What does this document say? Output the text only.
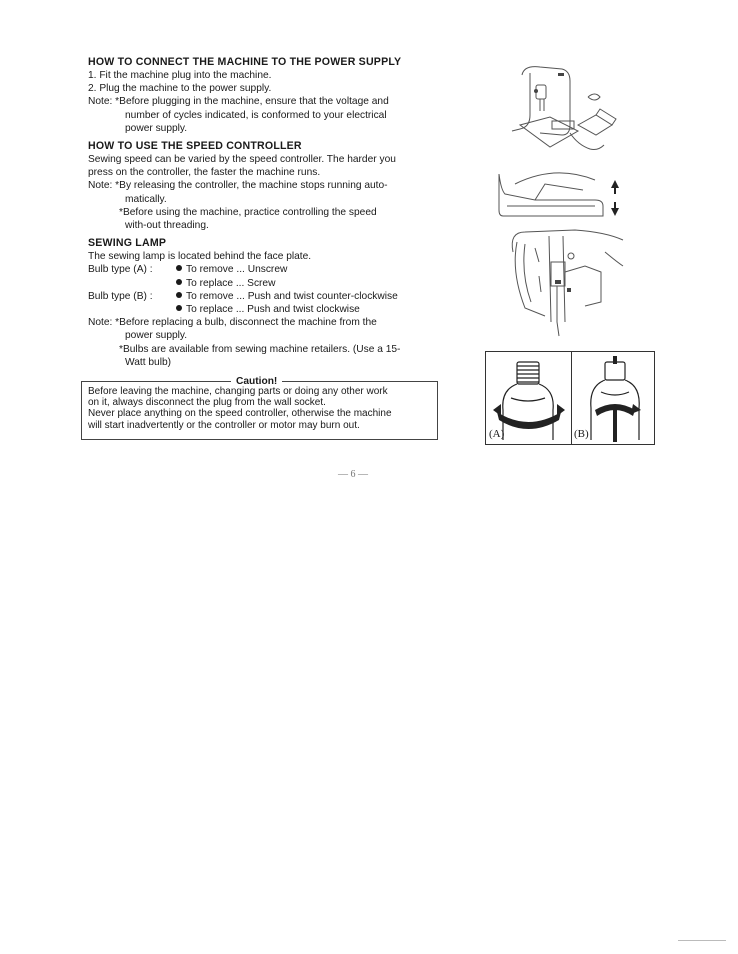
HOW TO CONNECT THE MACHINE TO THE POWER SUPPLY

1. Fit the machine plug into the machine.

2. Plug the machine to the power supply.

Note: *Before plugging in the machine, ensure that the voltage and

number of cycles indicated, is conformed to your electrical

power supply.

HOW TO USE THE SPEED CONTROLLER

Sewing speed can be varied by the speed controller. The harder you

press on the controller, the faster the machine runs.

Note: *By releasing the controller, the machine stops running auto-

matically.

*Before using the machine, practice controlling the speed

with-out threading.

SEWING LAMP

The sewing lamp is located behind the face plate.

Bulb type (A) :	To remove ... Unscrew
To replace ... Screw
Bulb type (B) :	To remove ... Push and twist counter-clockwise
To replace ... Push and twist clockwise

Note: *Before replacing a bulb, disconnect the machine from the

power supply.

*Bulbs are available from sewing machine retailers. (Use a 15-

Watt bulb)

Caution!

Before leaving the machine, changing parts or doing any other work

on it, always disconnect the plug from the wall socket.

Never place anything on the speed controller, otherwise the machine

will start inadvertently or the controller or motor may burn out.

(A)	(B)
— 6 —
